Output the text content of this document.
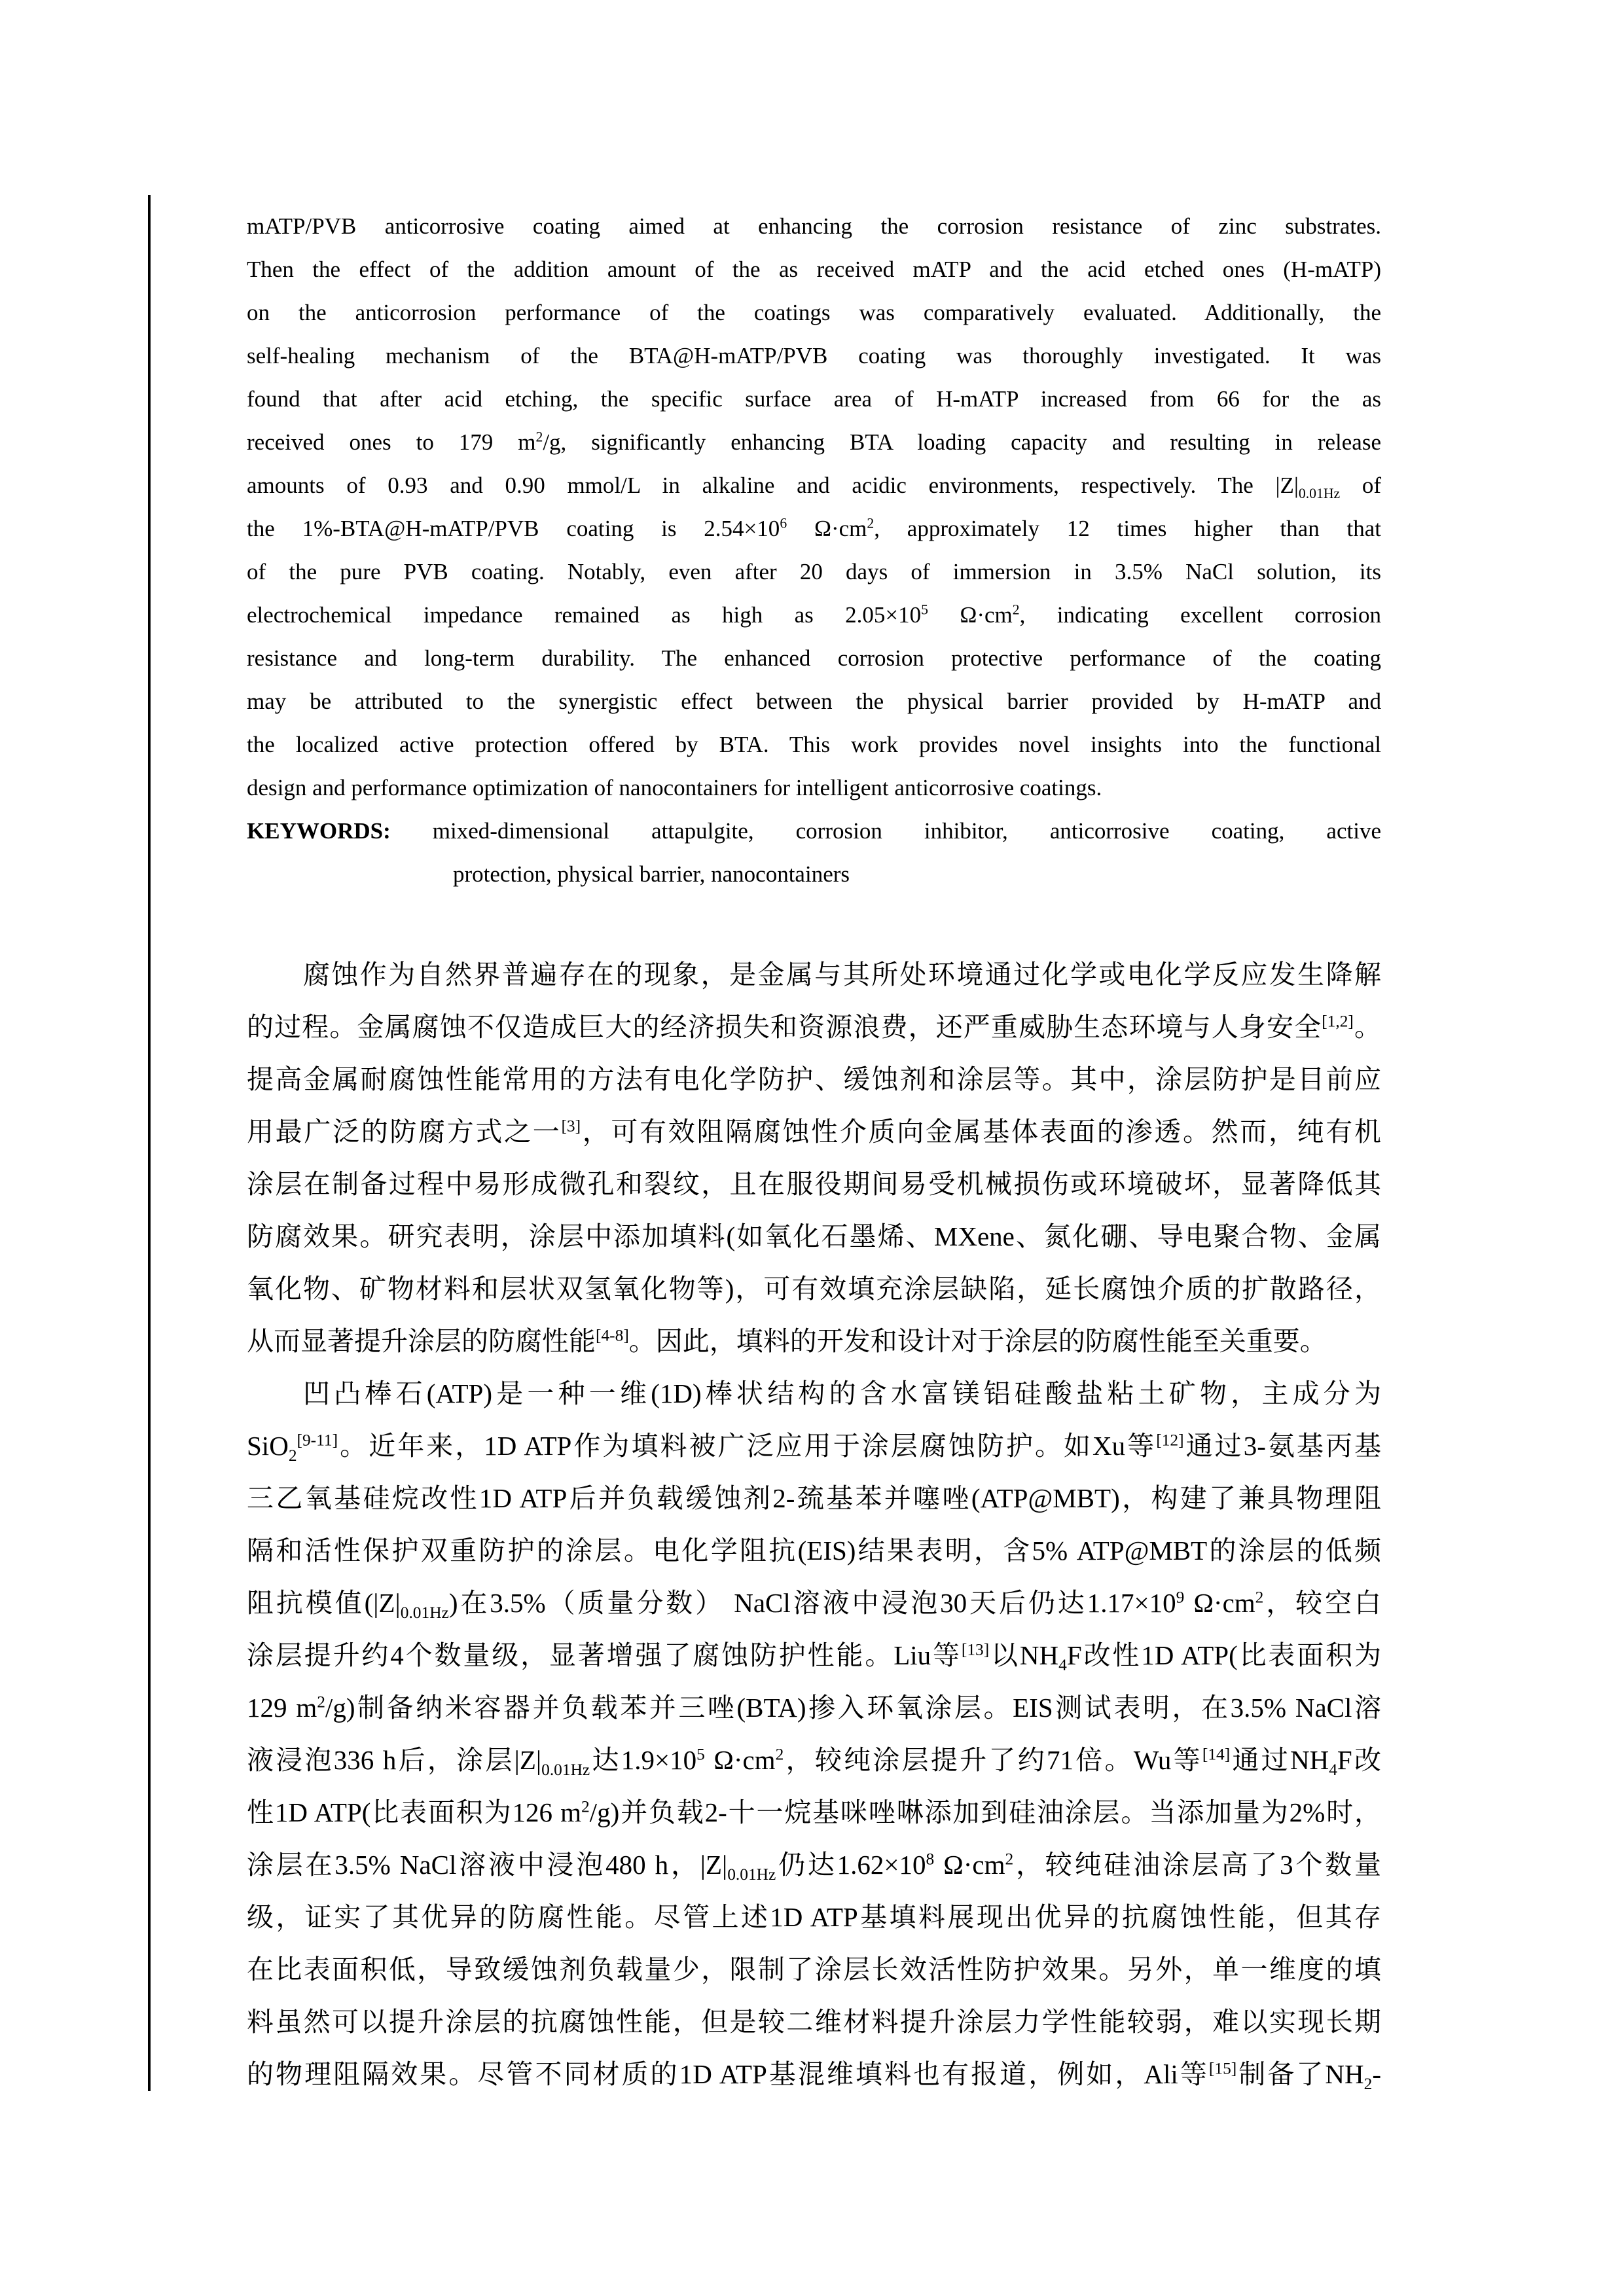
mATP/PVB anticorrosive coating aimed at enhancing the corrosion resistance of zinc substrates.
Then the effect of the addition amount of the as received mATP and the acid etched ones (H-mATP)
on the anticorrosion performance of the coatings was comparatively evaluated. Additionally, the
self-healing mechanism of the BTA@H-mATP/PVB coating was thoroughly investigated. It was
found that after acid etching, the specific surface area of H-mATP increased from 66 for the as
received ones to 179 $m^2/g$, significantly enhancing BTA loading capacity and resulting in release
amounts of 0.93 and 0.90 mmol/L in alkaline and acidic environments, respectively. The $|Z|_{0.01Hz}$ of
the 1%-BTA@H-mATP/PVB coating is $2.54\times 10^6$ $\Omega\cdot cm^2$, approximately 12 times higher than that
of the pure PVB coating. Notably, even after 20 days of immersion in 3.5% NaCl solution, its
electrochemical impedance remained as high as $2.05\times 10^5$ $\Omega\cdot cm^2$, indicating excellent corrosion
resistance and long-term durability. The enhanced corrosion protective performance of the coating
may be attributed to the synergistic effect between the physical barrier provided by H-mATP and
the localized active protection offered by BTA. This work provides novel insights into the functional
design and performance optimization of nanocontainers for intelligent anticorrosive coatings.
KEYWORDS: mixed-dimensional attapulgite, corrosion inhibitor, anticorrosive coating, active
protection, physical barrier, nanocontainers
腐蚀作为自然界普遍存在的现象，是金属与其所处环境通过化学或电化学反应发生降解
的过程。金属腐蚀不仅造成巨大的经济损失和资源浪费，还严重威胁生态环境与人身安全[1,2]。
提高金属耐腐蚀性能常用的方法有电化学防护、缓蚀剂和涂层等。其中，涂层防护是目前应
用最广泛的防腐方式之一[3]，可有效阻隔腐蚀性介质向金属基体表面的渗透。然而，纯有机
涂层在制备过程中易形成微孔和裂纹，且在服役期间易受机械损伤或环境破坏，显著降低其
防腐效果。研究表明，涂层中添加填料(如氧化石墨烯、MXene、氮化硼、导电聚合物、金属
氧化物、矿物材料和层状双氢氧化物等)，可有效填充涂层缺陷，延长腐蚀介质的扩散路径，
从而显著提升涂层的防腐性能[4-8]。因此，填料的开发和设计对于涂层的防腐性能至关重要。
凹凸棒石(ATP)是一种一维(1D)棒状结构的含水富镁铝硅酸盐粘土矿物，主成分为
SiO$_2$[9-11]。近年来，1D ATP作为填料被广泛应用于涂层腐蚀防护。如Xu等[12]通过3-氨基丙基
三乙氧基硅烷改性1D ATP后并负载缓蚀剂2-巯基苯并噻唑(ATP@MBT)，构建了兼具物理阻
隔和活性保护双重防护的涂层。电化学阻抗(EIS)结果表明，含5% ATP@MBT的涂层的低频
阻抗模值$(|Z|_{0.01Hz})$在3.5%（质量分数） NaCl溶液中浸泡30天后仍达$1.17\times 10^9$ $\Omega\cdot cm^2$，较空白
涂层提升约4个数量级，显著增强了腐蚀防护性能。Liu等[13]以$NH_4F$改性1D ATP(比表面积为
129 $m^2/g$)制备纳米容器并负载苯并三唑(BTA)掺入环氧涂层。EIS测试表明，在3.5% NaCl溶
液浸泡336 h后，涂层$|Z|_{0.01Hz}$达$1.9\times 10^5$ $\Omega\cdot cm^2$，较纯涂层提升了约71倍。Wu等[14]通过$NH_4F$改
性1D ATP(比表面积为126 $m^2/g$)并负载2-十一烷基咪唑啉添加到硅油涂层。当添加量为2%时，
涂层在3.5% NaCl溶液中浸泡480 h，$|Z|_{0.01Hz}$仍达$1.62\times 10^8$ $\Omega\cdot cm^2$，较纯硅油涂层高了3个数量
级，证实了其优异的防腐性能。尽管上述1D ATP基填料展现出优异的抗腐蚀性能，但其存
在比表面积低，导致缓蚀剂负载量少，限制了涂层长效活性防护效果。另外，单一维度的填
料虽然可以提升涂层的抗腐蚀性能，但是较二维材料提升涂层力学性能较弱，难以实现长期
的物理阻隔效果。尽管不同材质的1D ATP基混维填料也有报道，例如，Ali等[15]制备了$NH_2-$
